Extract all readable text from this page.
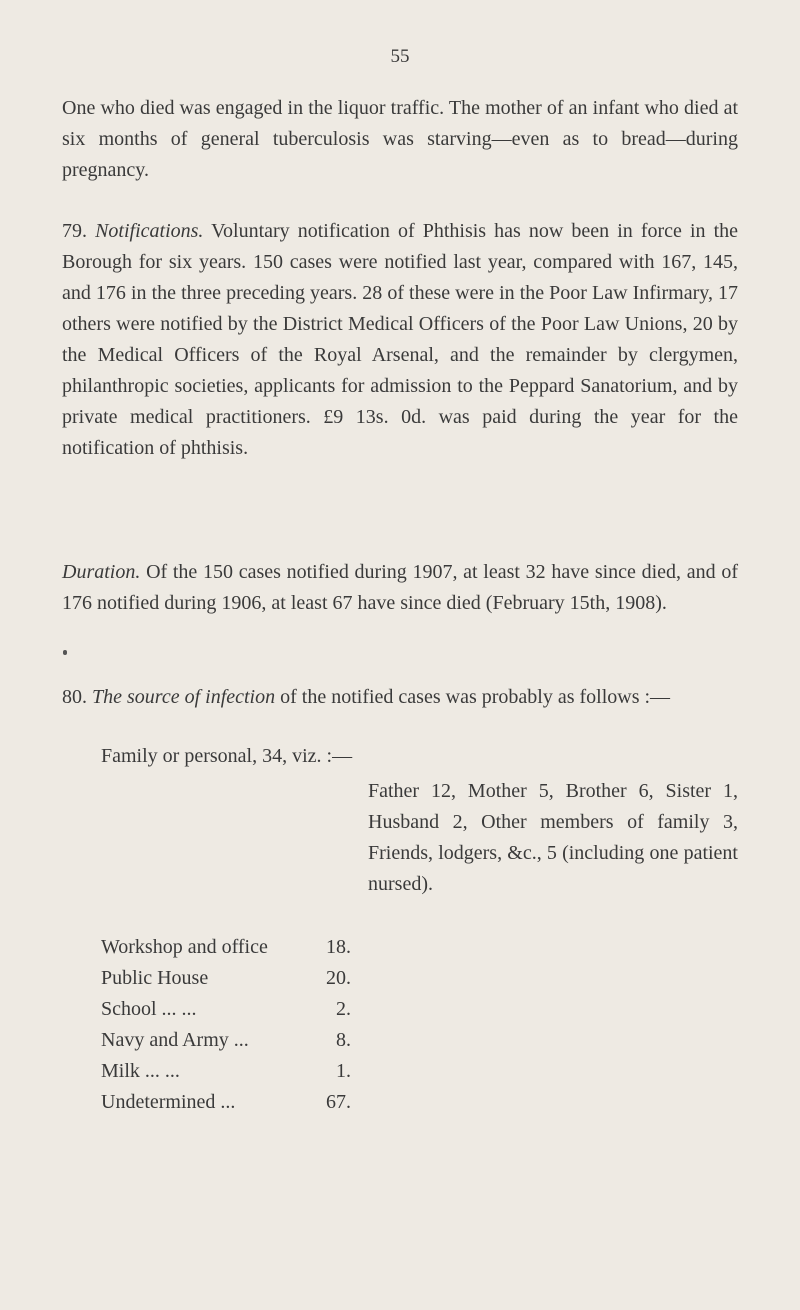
55
One who died was engaged in the liquor traffic. The mother of an infant who died at six months of general tuberculosis was starving—even as to bread—during pregnancy.
79. Notifications. Voluntary notification of Phthisis has now been in force in the Borough for six years. 150 cases were notified last year, compared with 167, 145, and 176 in the three preceding years. 28 of these were in the Poor Law Infirmary, 17 others were notified by the District Medical Officers of the Poor Law Unions, 20 by the Medical Officers of the Royal Arsenal, and the remainder by clergymen, philanthropic societies, applicants for admission to the Peppard Sanatorium, and by private medical practitioners. £9 13s. 0d. was paid during the year for the notification of phthisis.
Duration. Of the 150 cases notified during 1907, at least 32 have since died, and of 176 notified during 1906, at least 67 have since died (February 15th, 1908).
80. The source of infection of the notified cases was probably as follows :—
Family or personal, 34, viz. :—
Father 12, Mother 5, Brother 6, Sister 1, Husband 2, Other members of family 3, Friends, lodgers, &c., 5 (including one patient nursed).
Workshop and office	18.
Public House	20.
School ... ...	2.
Navy and Army ...	8.
Milk ... ...	1.
Undetermined ...	67.
